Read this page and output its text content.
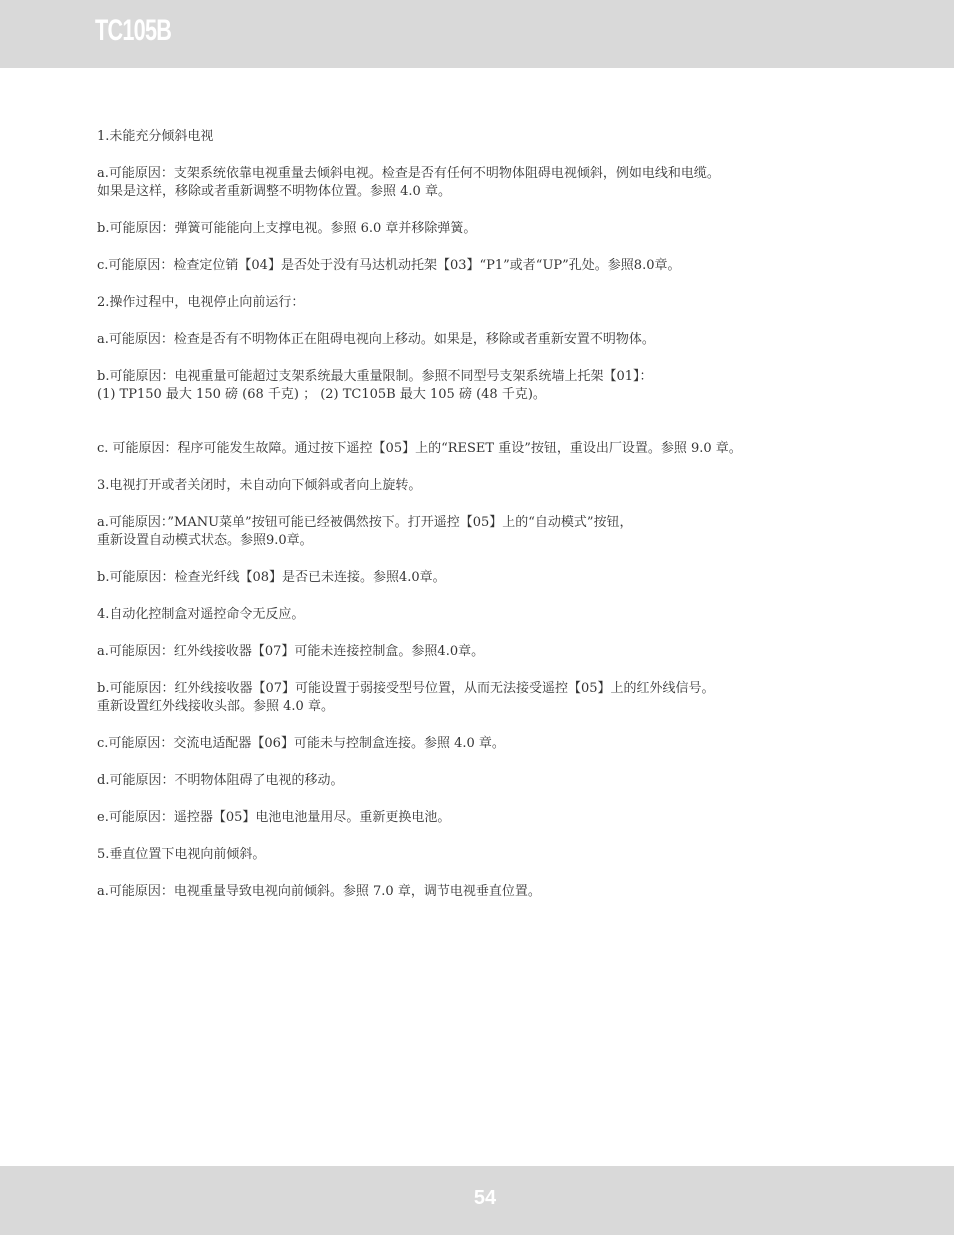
TC105B

1.未能充分倾斜电视

a.可能原因：支架系统依靠电视重量去倾斜电视。检查是否有任何不明物体阻碍电视倾斜，例如电线和电缆。
如果是这样，移除或者重新调整不明物体位置。参照 4.0 章。

b.可能原因：弹簧可能能向上支撑电视。参照 6.0 章并移除弹簧。

c.可能原因：检查定位销【04】是否处于没有马达机动托架【03】“P1”或者“UP”孔处。参照8.0章。

2.操作过程中，电视停止向前运行：

a.可能原因：检查是否有不明物体正在阻碍电视向上移动。如果是，移除或者重新安置不明物体。

b.可能原因：电视重量可能超过支架系统最大重量限制。参照不同型号支架系统墙上托架【01】：
(1) TP150 最大 150 磅 (68 千克) ； (2) TC105B 最大 105 磅 (48 千克)。

c. 可能原因：程序可能发生故障。通过按下遥控【05】上的“RESET 重设”按钮，重设出厂设置。参照 9.0 章。

3.电视打开或者关闭时，未自动向下倾斜或者向上旋转。

a.可能原因：”MANU菜单”按钮可能已经被偶然按下。打开遥控【05】上的“自动模式”按钮，
重新设置自动模式状态。参照9.0章。

b.可能原因：检查光纤线【08】是否已未连接。参照4.0章。

4.自动化控制盒对遥控命令无反应。

a.可能原因：红外线接收器【07】可能未连接控制盒。参照4.0章。

b.可能原因：红外线接收器【07】可能设置于弱接受型号位置，从而无法接受遥控【05】上的红外线信号。
重新设置红外线接收头部。参照 4.0 章。

c.可能原因：交流电适配器【06】可能未与控制盒连接。参照 4.0 章。

d.可能原因：不明物体阻碍了电视的移动。

e.可能原因：遥控器【05】电池电池量用尽。重新更换电池。

5.垂直位置下电视向前倾斜。

a.可能原因：电视重量导致电视向前倾斜。参照 7.0 章，调节电视垂直位置。

54
